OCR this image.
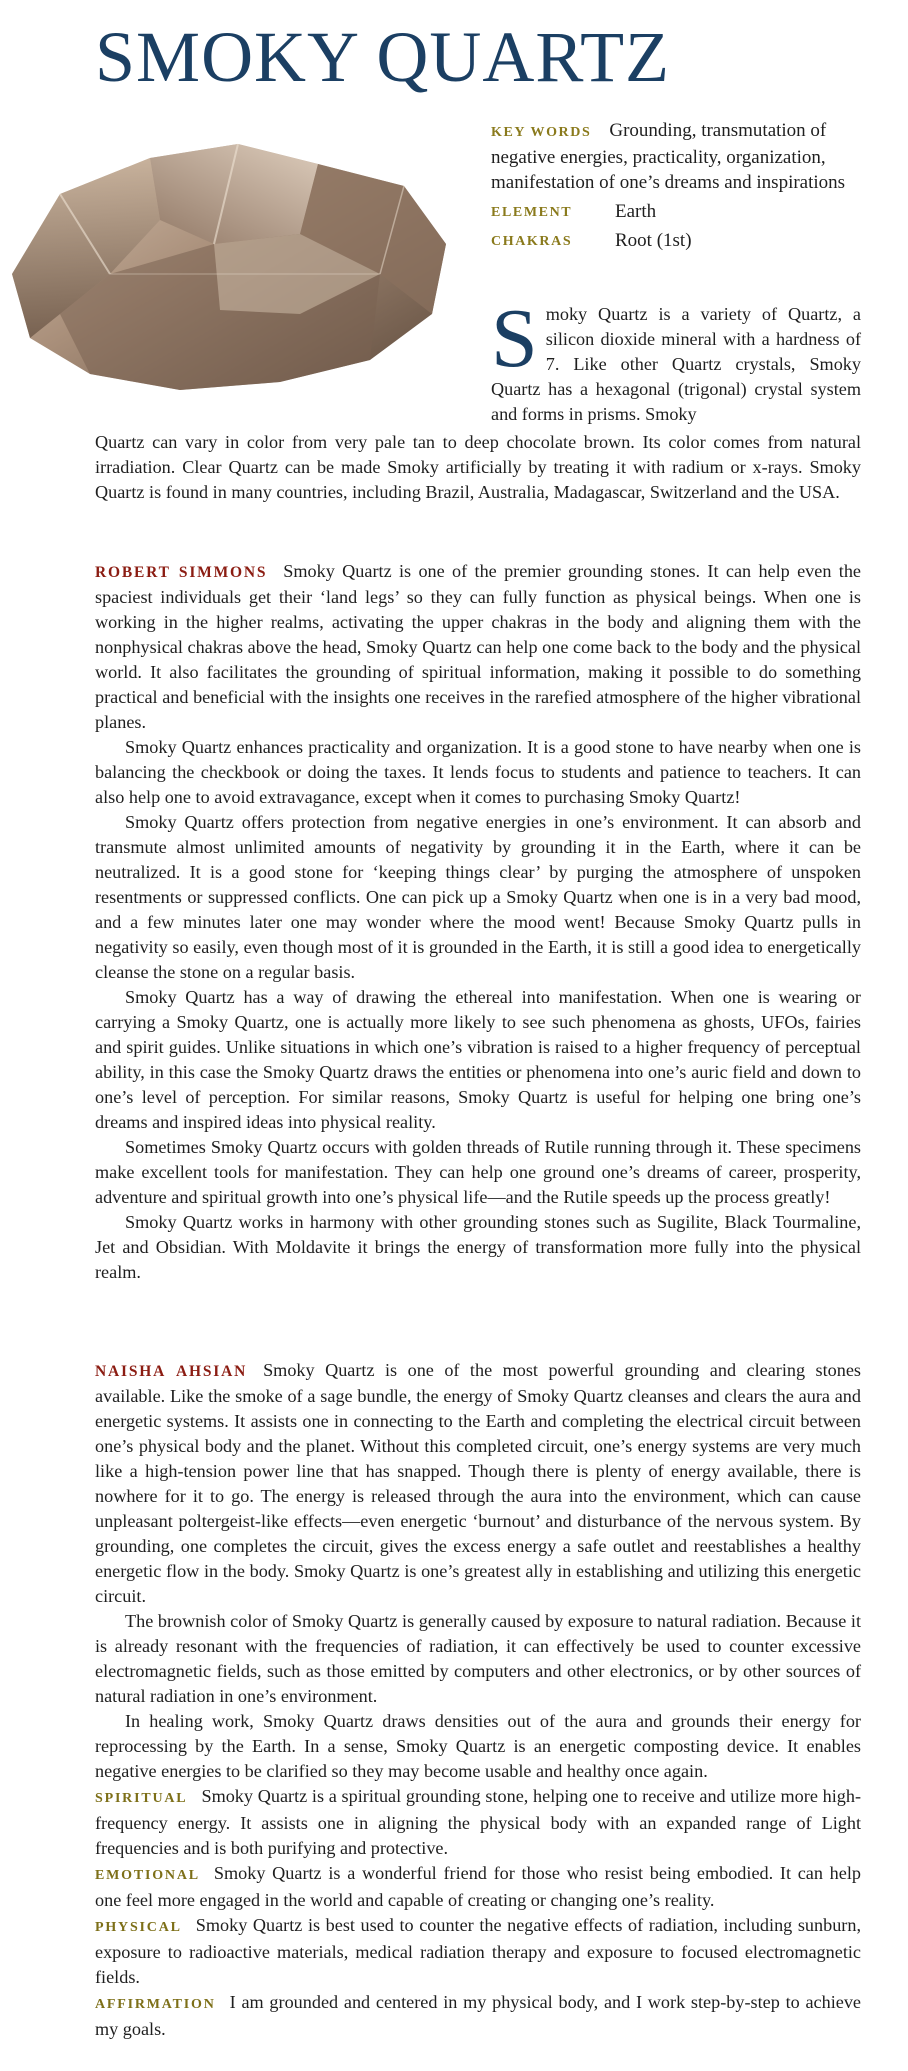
SMOKY QUARTZ
KEY WORDS Grounding, transmutation of negative energies, practicality, organization, manifestation of one’s dreams and inspirations
ELEMENT Earth
CHAKRAS Root (1st)
Smoky Quartz is a variety of Quartz, a silicon dioxide mineral with a hardness of 7. Like other Quartz crystals, Smoky Quartz has a hexagonal (trigonal) crystal system and forms in prisms. Smoky
Quartz can vary in color from very pale tan to deep chocolate brown. Its color comes from natural irradiation. Clear Quartz can be made Smoky artificially by treating it with radium or x-rays. Smoky Quartz is found in many countries, including Brazil, Australia, Madagascar, Switzerland and the USA.

ROBERT SIMMONS Smoky Quartz is one of the premier grounding stones. It can help even the spaciest individuals get their ‘land legs’ so they can fully function as physical beings. When one is working in the higher realms, activating the upper chakras in the body and aligning them with the nonphysical chakras above the head, Smoky Quartz can help one come back to the body and the physical world. It also facilitates the grounding of spiritual information, making it possible to do something practical and beneficial with the insights one receives in the rarefied atmosphere of the higher vibrational planes.

Smoky Quartz enhances practicality and organization. It is a good stone to have nearby when one is balancing the checkbook or doing the taxes. It lends focus to students and patience to teachers. It can also help one to avoid extravagance, except when it comes to purchasing Smoky Quartz!

Smoky Quartz offers protection from negative energies in one’s environment. It can absorb and transmute almost unlimited amounts of negativity by grounding it in the Earth, where it can be neutralized. It is a good stone for ‘keeping things clear’ by purging the atmosphere of unspoken resentments or suppressed conflicts. One can pick up a Smoky Quartz when one is in a very bad mood, and a few minutes later one may wonder where the mood went! Because Smoky Quartz pulls in negativity so easily, even though most of it is grounded in the Earth, it is still a good idea to energetically cleanse the stone on a regular basis.

Smoky Quartz has a way of drawing the ethereal into manifestation. When one is wearing or carrying a Smoky Quartz, one is actually more likely to see such phenomena as ghosts, UFOs, fairies and spirit guides. Unlike situations in which one’s vibration is raised to a higher frequency of perceptual ability, in this case the Smoky Quartz draws the entities or phenomena into one’s auric field and down to one’s level of perception. For similar reasons, Smoky Quartz is useful for helping one bring one’s dreams and inspired ideas into physical reality.

Sometimes Smoky Quartz occurs with golden threads of Rutile running through it. These specimens make excellent tools for manifestation. They can help one ground one’s dreams of career, prosperity, adventure and spiritual growth into one’s physical life—and the Rutile speeds up the process greatly!

Smoky Quartz works in harmony with other grounding stones such as Sugilite, Black Tourmaline, Jet and Obsidian. With Moldavite it brings the energy of transformation more fully into the physical realm.

NAISHA AHSIAN Smoky Quartz is one of the most powerful grounding and clearing stones available. Like the smoke of a sage bundle, the energy of Smoky Quartz cleanses and clears the aura and energetic systems. It assists one in connecting to the Earth and completing the electrical circuit between one’s physical body and the planet. Without this completed circuit, one’s energy systems are very much like a high-tension power line that has snapped. Though there is plenty of energy available, there is nowhere for it to go. The energy is released through the aura into the environment, which can cause unpleasant poltergeist-like effects—even energetic ‘burnout’ and disturbance of the nervous system. By grounding, one completes the circuit, gives the excess energy a safe outlet and reestablishes a healthy energetic flow in the body. Smoky Quartz is one’s greatest ally in establishing and utilizing this energetic circuit.

The brownish color of Smoky Quartz is generally caused by exposure to natural radiation. Because it is already resonant with the frequencies of radiation, it can effectively be used to counter excessive electromagnetic fields, such as those emitted by computers and other electronics, or by other sources of natural radiation in one’s environment.

In healing work, Smoky Quartz draws densities out of the aura and grounds their energy for reprocessing by the Earth. In a sense, Smoky Quartz is an energetic composting device. It enables negative energies to be clarified so they may become usable and healthy once again.

SPIRITUAL Smoky Quartz is a spiritual grounding stone, helping one to receive and utilize more high-frequency energy. It assists one in aligning the physical body with an expanded range of Light frequencies and is both purifying and protective.

EMOTIONAL Smoky Quartz is a wonderful friend for those who resist being embodied. It can help one feel more engaged in the world and capable of creating or changing one’s reality.

PHYSICAL Smoky Quartz is best used to counter the negative effects of radiation, including sunburn, exposure to radioactive materials, medical radiation therapy and exposure to focused electromagnetic fields.

AFFIRMATION I am grounded and centered in my physical body, and I work step-by-step to achieve my goals.
